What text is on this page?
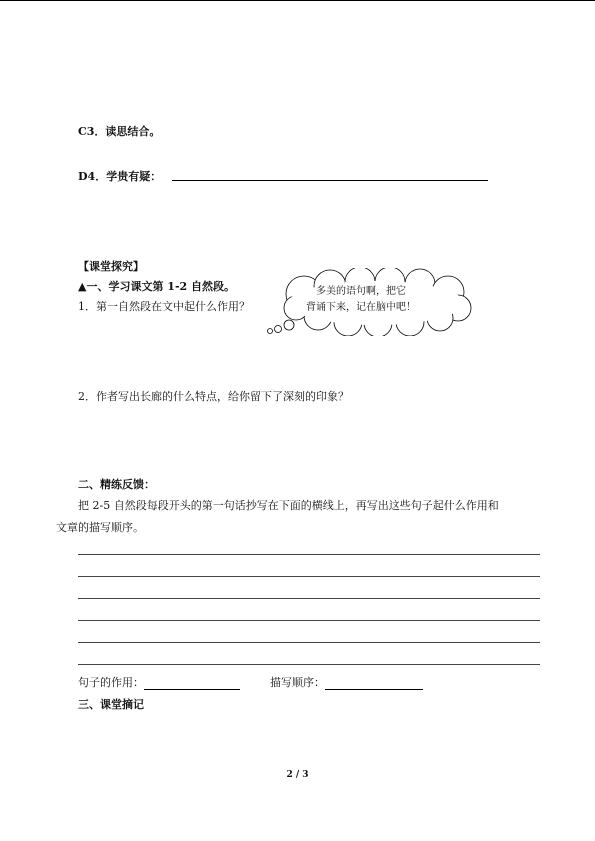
C3．读思结合。
D4．学贵有疑：
【课堂探究】
▲一、学习课文第 1-2 自然段。
1．第一自然段在文中起什么作用？
多美的语句啊，把它
背诵下来，记在脑中吧！
2．作者写出长廊的什么特点，给你留下了深刻的印象？
二、精练反馈：
把 2-5 自然段每段开头的第一句话抄写在下面的横线上，再写出这些句子起什么作用和
文章的描写顺序。
句子的作用：	描写顺序：
三、课堂摘记
2 / 3
